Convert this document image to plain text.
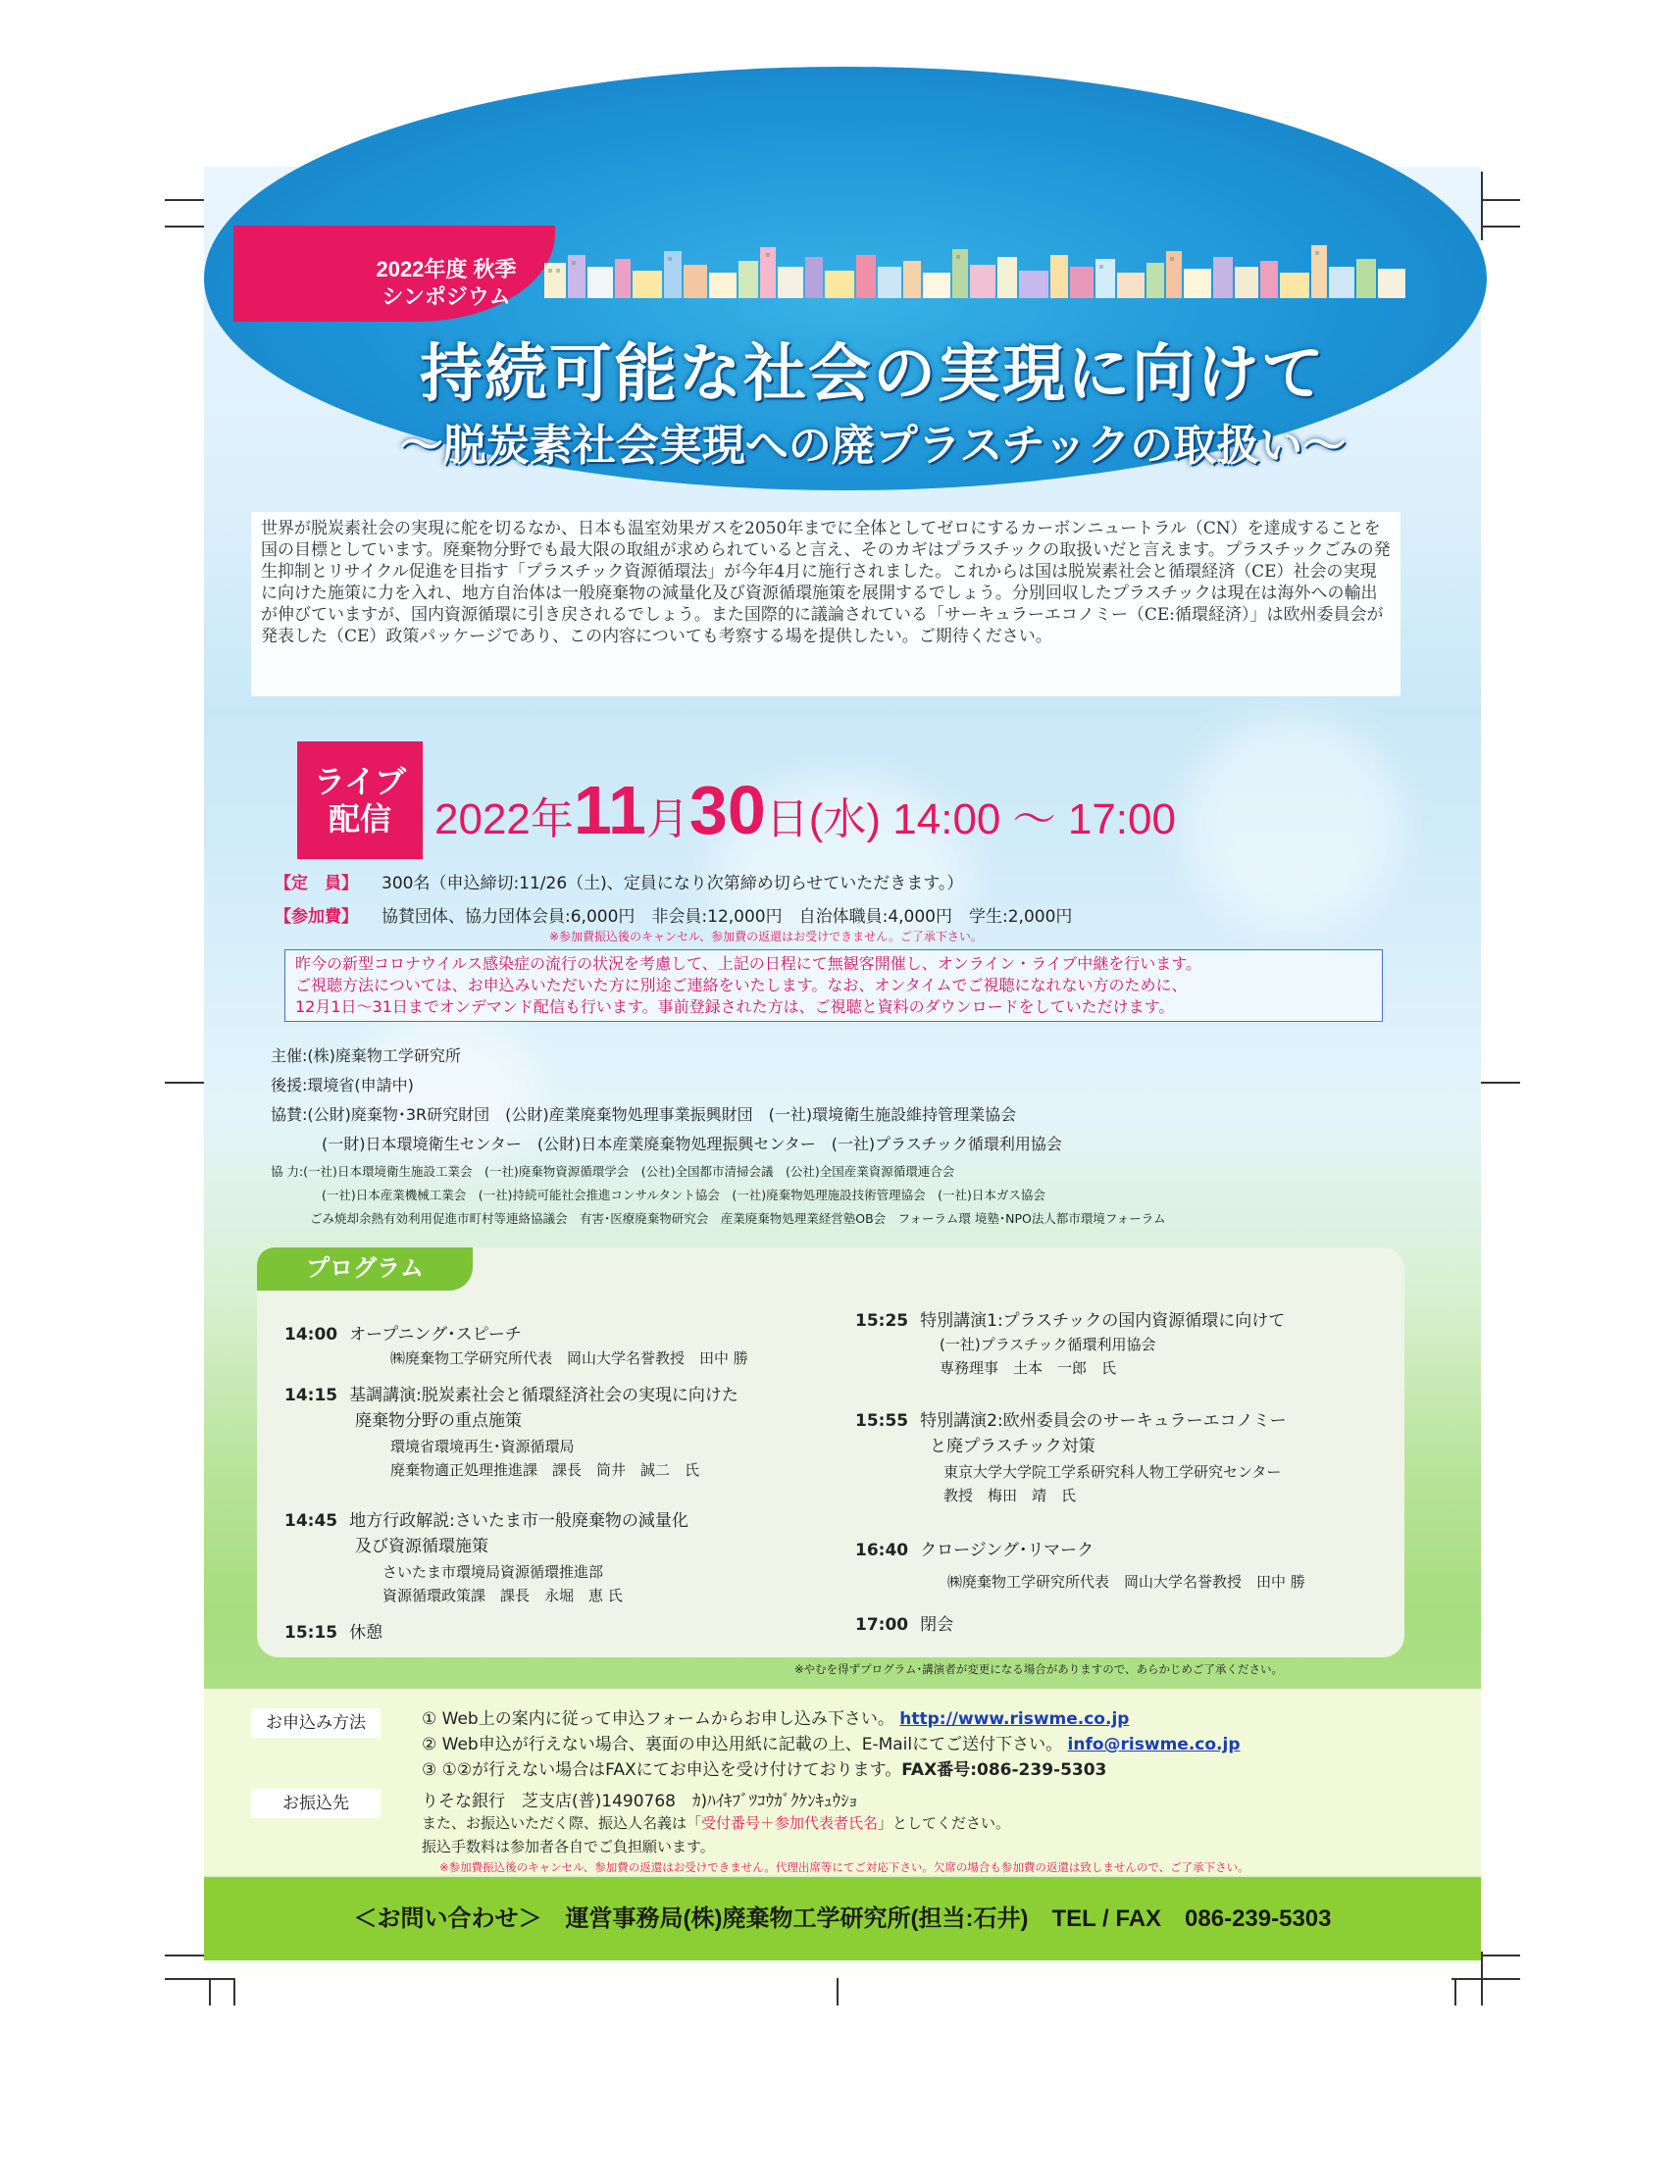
2022年度 秋季
シンポジウム
持続可能な社会の実現に向けて
～脱炭素社会実現への廃プラスチックの取扱い～
世界が脱炭素社会の実現に舵を切るなか、日本も温室効果ガスを2050年までに全体としてゼロにするカーボンニュートラル（CN）を達成することを国の目標としています。廃棄物分野でも最大限の取組が求められていると言え、そのカギはプラスチックの取扱いだと言えます。プラスチックごみの発生抑制とリサイクル促進を目指す「プラスチック資源循環法」が今年4月に施行されました。これからは国は脱炭素社会と循環経済（CE）社会の実現に向けた施策に力を入れ、地方自治体は一般廃棄物の減量化及び資源循環施策を展開するでしょう。分別回収したプラスチックは現在は海外への輸出が伸びていますが、国内資源循環に引き戻されるでしょう。また国際的に議論されている「サーキュラーエコノミー（CE:循環経済）」は欧州委員会が発表した（CE）政策パッケージであり、この内容についても考察する場を提供したい。ご期待ください。
ライブ
配信	2022年11月30日(水) 14:00 ～ 17:00
【定　員】 300名（申込締切:11/26（土)、定員になり次第締め切らせていただきます。）
【参加費】 協賛団体、協力団体会員:6,000円　非会員:12,000円　自治体職員:4,000円　学生:2,000円
※参加費振込後のキャンセル、参加費の返還はお受けできません。ご了承下さい。
昨今の新型コロナウイルス感染症の流行の状況を考慮して、上記の日程にて無観客開催し、オンライン・ライブ中継を行います。
ご視聴方法については、お申込みいただいた方に別途ご連絡をいたします。なお、オンタイムでご視聴になれない方のために、
12月1日～31日までオンデマンド配信も行います。事前登録された方は、ご視聴と資料のダウンロードをしていただけます。
主催:(株)廃棄物工学研究所
後援:環境省(申請中)
協賛:(公財)廃棄物･3R研究財団　(公財)産業廃棄物処理事業振興財団　(一社)環境衛生施設維持管理業協会
(一財)日本環境衛生センター　(公財)日本産業廃棄物処理振興センター　(一社)プラスチック循環利用協会
協 力:(一社)日本環境衛生施設工業会　(一社)廃棄物資源循環学会　(公社)全国都市清掃会議　(公社)全国産業資源循環連合会
(一社)日本産業機械工業会　(一社)持続可能社会推進コンサルタント協会　(一社)廃棄物処理施設技術管理協会　(一社)日本ガス協会
ごみ焼却余熱有効利用促進市町村等連絡協議会　有害･医療廃棄物研究会　産業廃棄物処理業経営塾OB会　フォーラム環 境塾･NPO法人都市環境フォーラム
プログラム
14:00 オープニング･スピーチ
㈱廃棄物工学研究所代表　岡山大学名誉教授　田中 勝
14:15 基調講演:脱炭素社会と循環経済社会の実現に向けた
廃棄物分野の重点施策
環境省環境再生･資源循環局
廃棄物適正処理推進課　課長　筒井　誠二　氏
14:45 地方行政解説:さいたま市一般廃棄物の減量化
及び資源循環施策
さいたま市環境局資源循環推進部
資源循環政策課　課長　永堀　恵 氏
15:15 休憩
15:25 特別講演1:プラスチックの国内資源循環に向けて
(一社)プラスチック循環利用協会
専務理事　土本　一郎　氏
15:55 特別講演2:欧州委員会のサーキュラーエコノミー
と廃プラスチック対策
東京大学大学院工学系研究科人物工学研究センター
教授　梅田　靖　氏
16:40 クロージング･リマーク
㈱廃棄物工学研究所代表　岡山大学名誉教授　田中 勝
17:00 閉会
※やむを得ずプログラム･講演者が変更になる場合がありますので、あらかじめご了承ください。
お申込み方法	① Web上の案内に従って申込フォームからお申し込み下さい。 http://www.riswme.co.jp
② Web申込が行えない場合、裏面の申込用紙に記載の上、E-Mailにてご送付下さい。 info@riswme.co.jp
③ ①②が行えない場合はFAXにてお申込を受け付けております。FAX番号:086-239-5303
お振込先	りそな銀行　芝支店(普)1490768　ｶ)ﾊｲｷﾌﾞﾂｺｳｶﾞｸｹﾝｷｭｳｼｮ
また、お振込いただく際、振込人名義は「受付番号＋参加代表者氏名」としてください。
振込手数料は参加者各自でご負担願います。
※参加費振込後のキャンセル、参加費の返還はお受けできません。代理出席等にてご対応下さい。欠席の場合も参加費の返還は致しませんので、ご了承下さい。
＜お問い合わせ＞　運営事務局(株)廃棄物工学研究所(担当:石井)　TEL / FAX　086-239-5303
